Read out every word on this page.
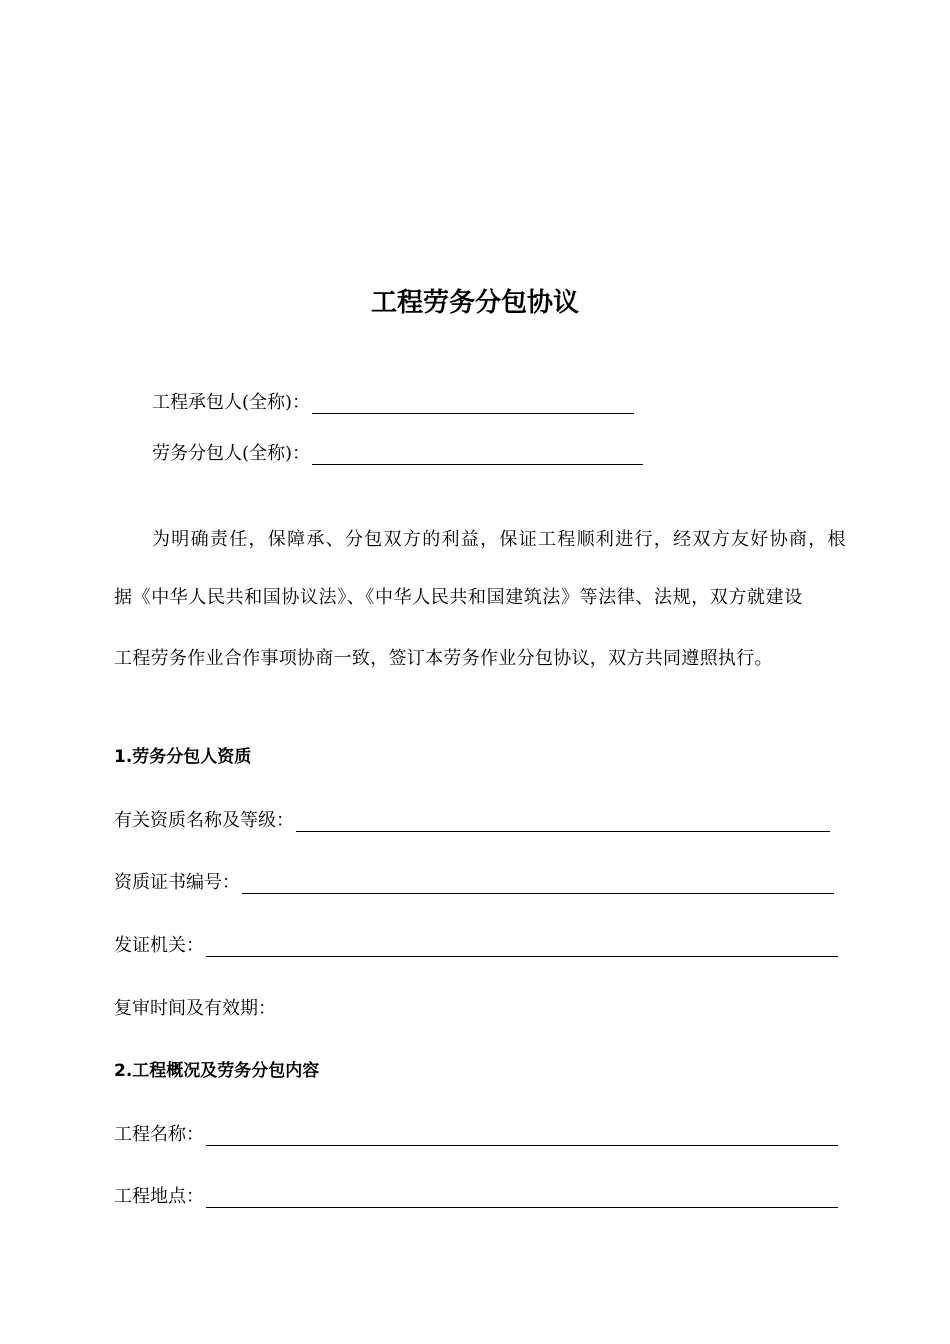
工程劳务分包协议
工程承包人(全称)：
劳务分包人(全称)：
为明确责任，保障承、分包双方的利益，保证工程顺利进行，经双方友好协商，根
据《中华人民共和国协议法》、《中华人民共和国建筑法》等法律、法规，双方就建设
工程劳务作业合作事项协商一致，签订本劳务作业分包协议，双方共同遵照执行。
1.劳务分包人资质
有关资质名称及等级：
资质证书编号：
发证机关：
复审时间及有效期：
2.工程概况及劳务分包内容
工程名称：
工程地点：
